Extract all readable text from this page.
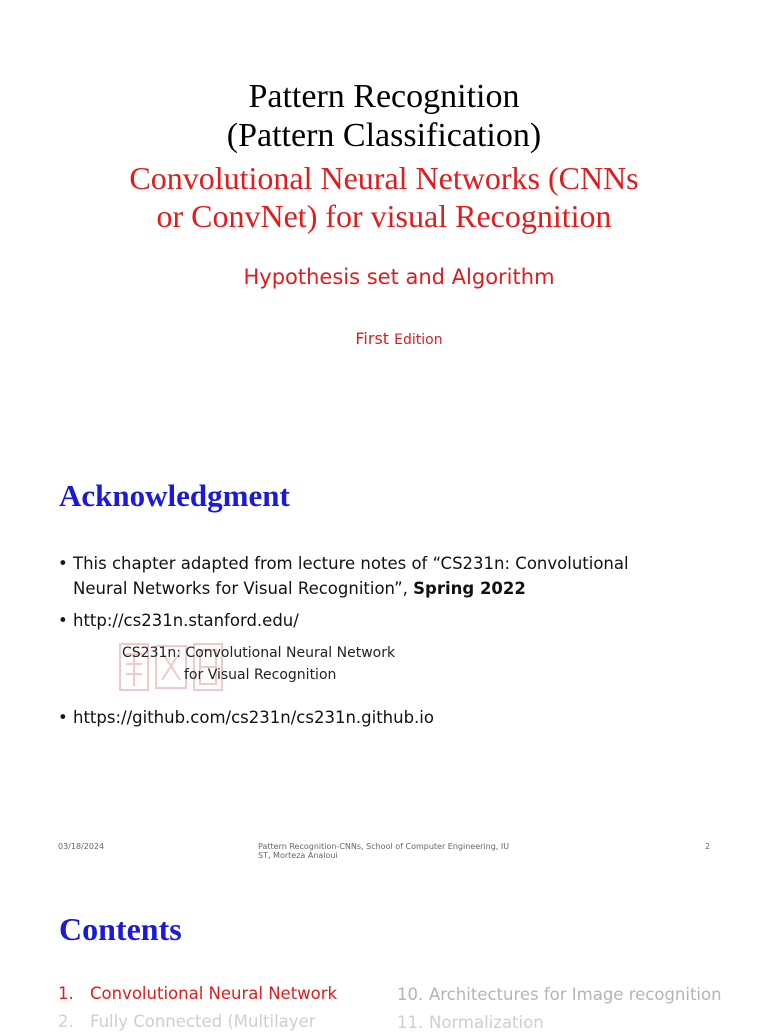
Pattern Recognition
(Pattern Classification)
Convolutional Neural Networks (CNNs
or ConvNet) for visual Recognition
Hypothesis set and Algorithm
First Edition
Acknowledgment
• This chapter adapted from lecture notes of “CS231n: Convolutional
Neural Networks for Visual Recognition”, Spring 2022
• http://cs231n.stanford.edu/
CS231n: Convolutional Neural Network
for Visual Recognition
• https://github.com/cs231n/cs231n.github.io
03/18/2024	Pattern Recognition-CNNs, School of Computer Engineering, IU
ST, Morteza Analoui
2
Contents
1. Convolutional Neural Network
2. Fully Connected (Multilayer
10. Architectures for Image recognition
11. Normalization
